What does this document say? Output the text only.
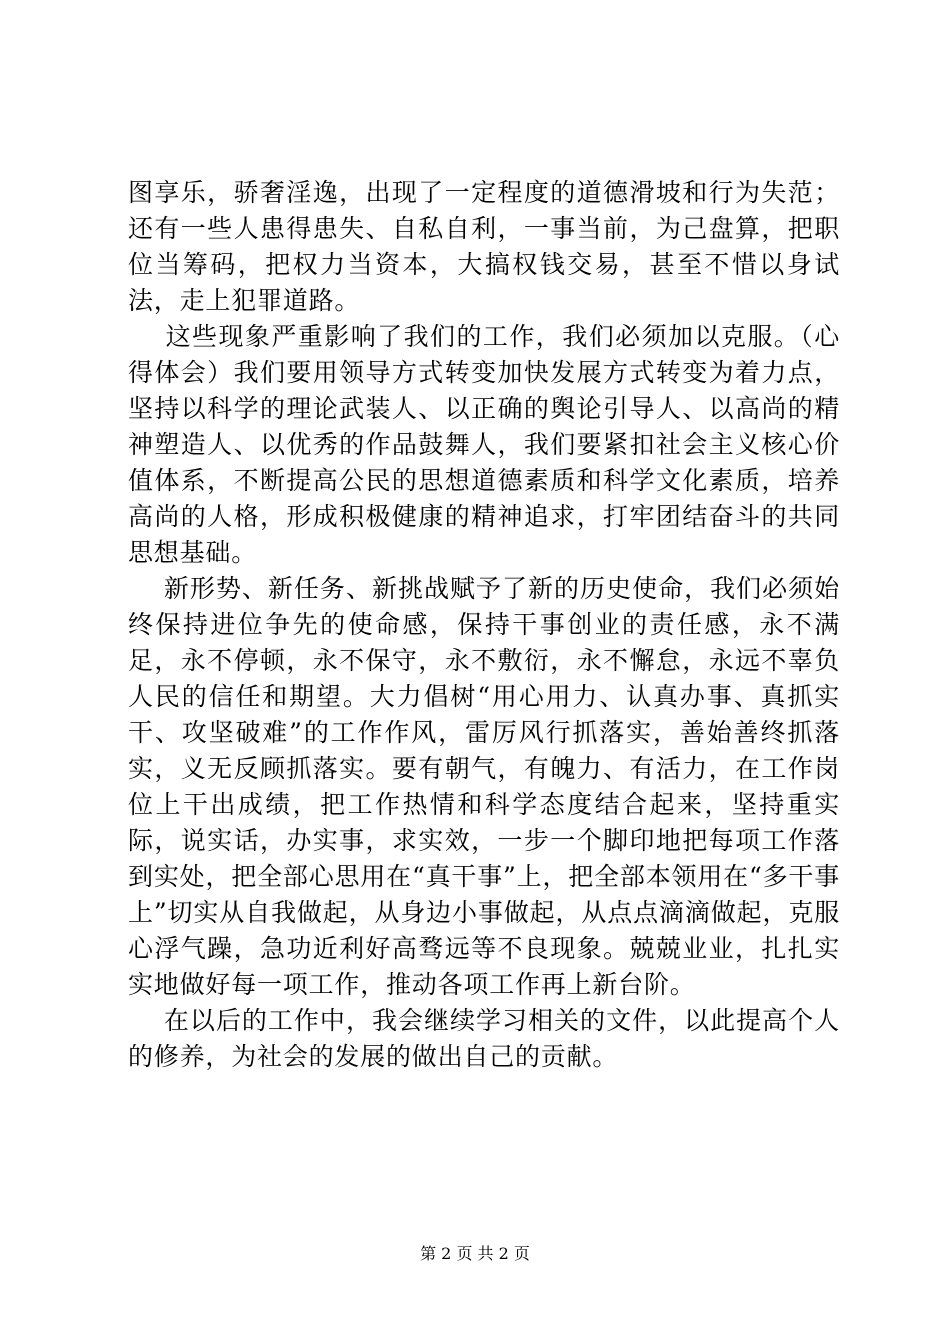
图享乐，骄奢淫逸，出现了一定程度的道德滑坡和行为失范；还有一些人患得患失、自私自利，一事当前，为己盘算，把职位当筹码，把权力当资本，大搞权钱交易，甚至不惜以身试法，走上犯罪道路。

这些现象严重影响了我们的工作，我们必须加以克服。（心得体会）我们要用领导方式转变加快发展方式转变为着力点，坚持以科学的理论武装人、以正确的舆论引导人、以高尚的精神塑造人、以优秀的作品鼓舞人，我们要紧扣社会主义核心价值体系，不断提高公民的思想道德素质和科学文化素质，培养高尚的人格，形成积极健康的精神追求，打牢团结奋斗的共同思想基础。

新形势、新任务、新挑战赋予了新的历史使命，我们必须始终保持进位争先的使命感，保持干事创业的责任感，永不满足，永不停顿，永不保守，永不敷衍，永不懈怠，永远不辜负人民的信任和期望。大力倡树“用心用力、认真办事、真抓实干、攻坚破难”的工作作风，雷厉风行抓落实，善始善终抓落实，义无反顾抓落实。要有朝气，有魄力、有活力，在工作岗位上干出成绩，把工作热情和科学态度结合起来，坚持重实际，说实话，办实事，求实效，一步一个脚印地把每项工作落到实处，把全部心思用在“真干事”上，把全部本领用在“多干事上”切实从自我做起，从身边小事做起，从点点滴滴做起，克服心浮气躁，急功近利好高骛远等不良现象。兢兢业业，扎扎实实地做好每一项工作，推动各项工作再上新台阶。

在以后的工作中，我会继续学习相关的文件，以此提高个人的修养，为社会的发展的做出自己的贡献。

第 2 页 共 2 页
